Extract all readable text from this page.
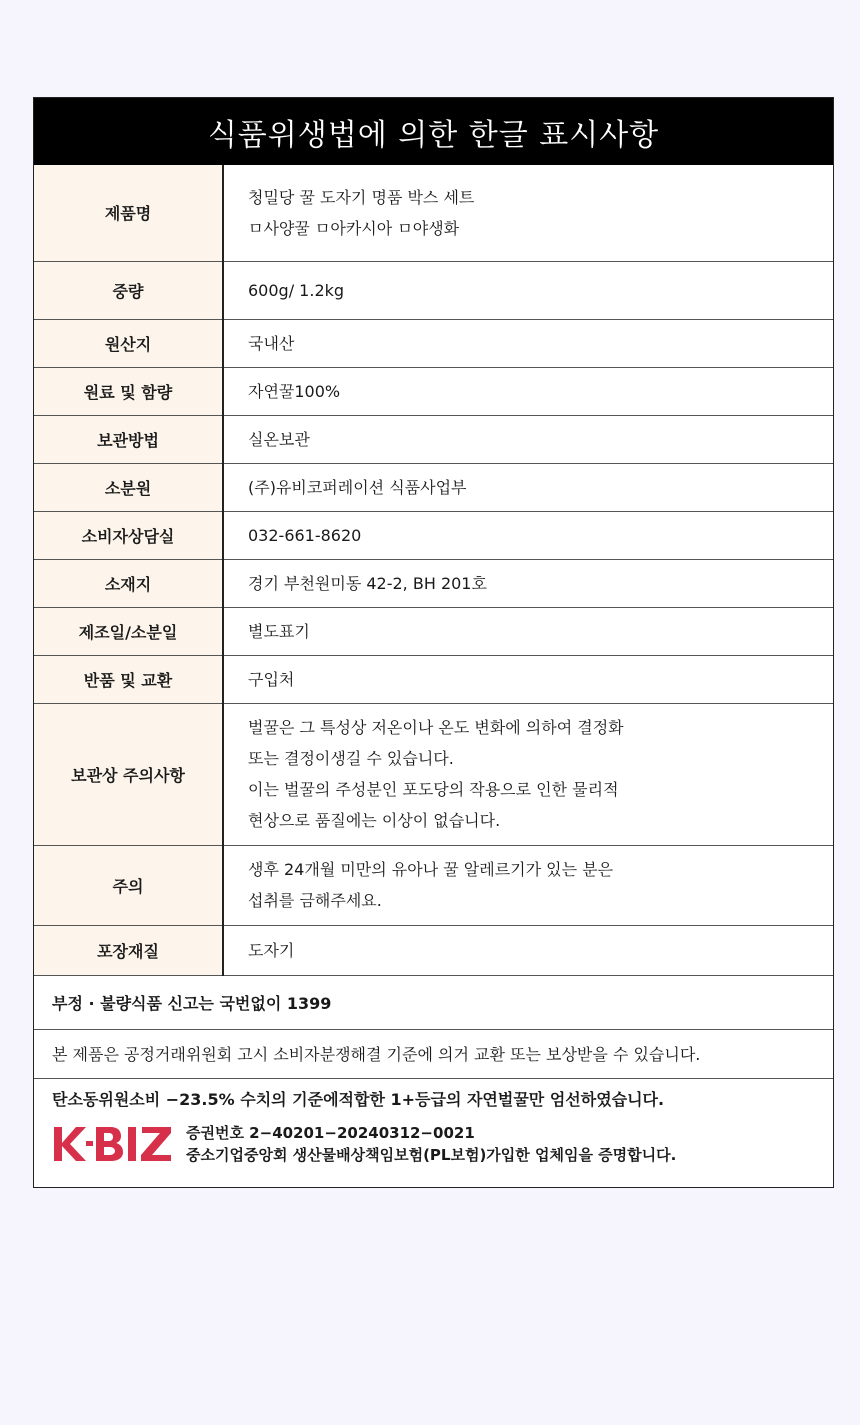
식품위생법에 의한 한글 표시사항
제품명	청밀당 꿀 도자기 명품 박스 세트
ㅁ사양꿀 ㅁ아카시아 ㅁ야생화

중량	600g/ 1.2kg

원산지	국내산

원료 및 함량	자연꿀100%

보관방법	실온보관

소분원	(주)유비코퍼레이션 식품사업부

소비자상담실	032-661-8620

소재지	경기 부천원미동 42-2, BH 201호

제조일/소분일	별도표기

반품 및 교환	구입처

보관상 주의사항	벌꿀은 그 특성상 저온이나 온도 변화에 의하여 결정화
또는 결정이생길 수 있습니다.
이는 벌꿀의 주성분인 포도당의 작용으로 인한 물리적
현상으로 품질에는 이상이 없습니다.

주의	생후 24개월 미만의 유아나 꿀 알레르기가 있는 분은
섭취를 금해주세요.

포장재질	도자기
부정 · 불량식품 신고는 국번없이 1399
본 제품은 공정거래위원회 고시 소비자분쟁해결 기준에 의거 교환 또는 보상받을 수 있습니다.
탄소동위원소비 −23.5% 수치의 기준에적합한 1+등급의 자연벌꿀만 엄선하였습니다.
증권번호 2−40201−20240312−0021
중소기업중앙회 생산물배상책임보험(PL보험)가입한 업체임을 증명합니다.
